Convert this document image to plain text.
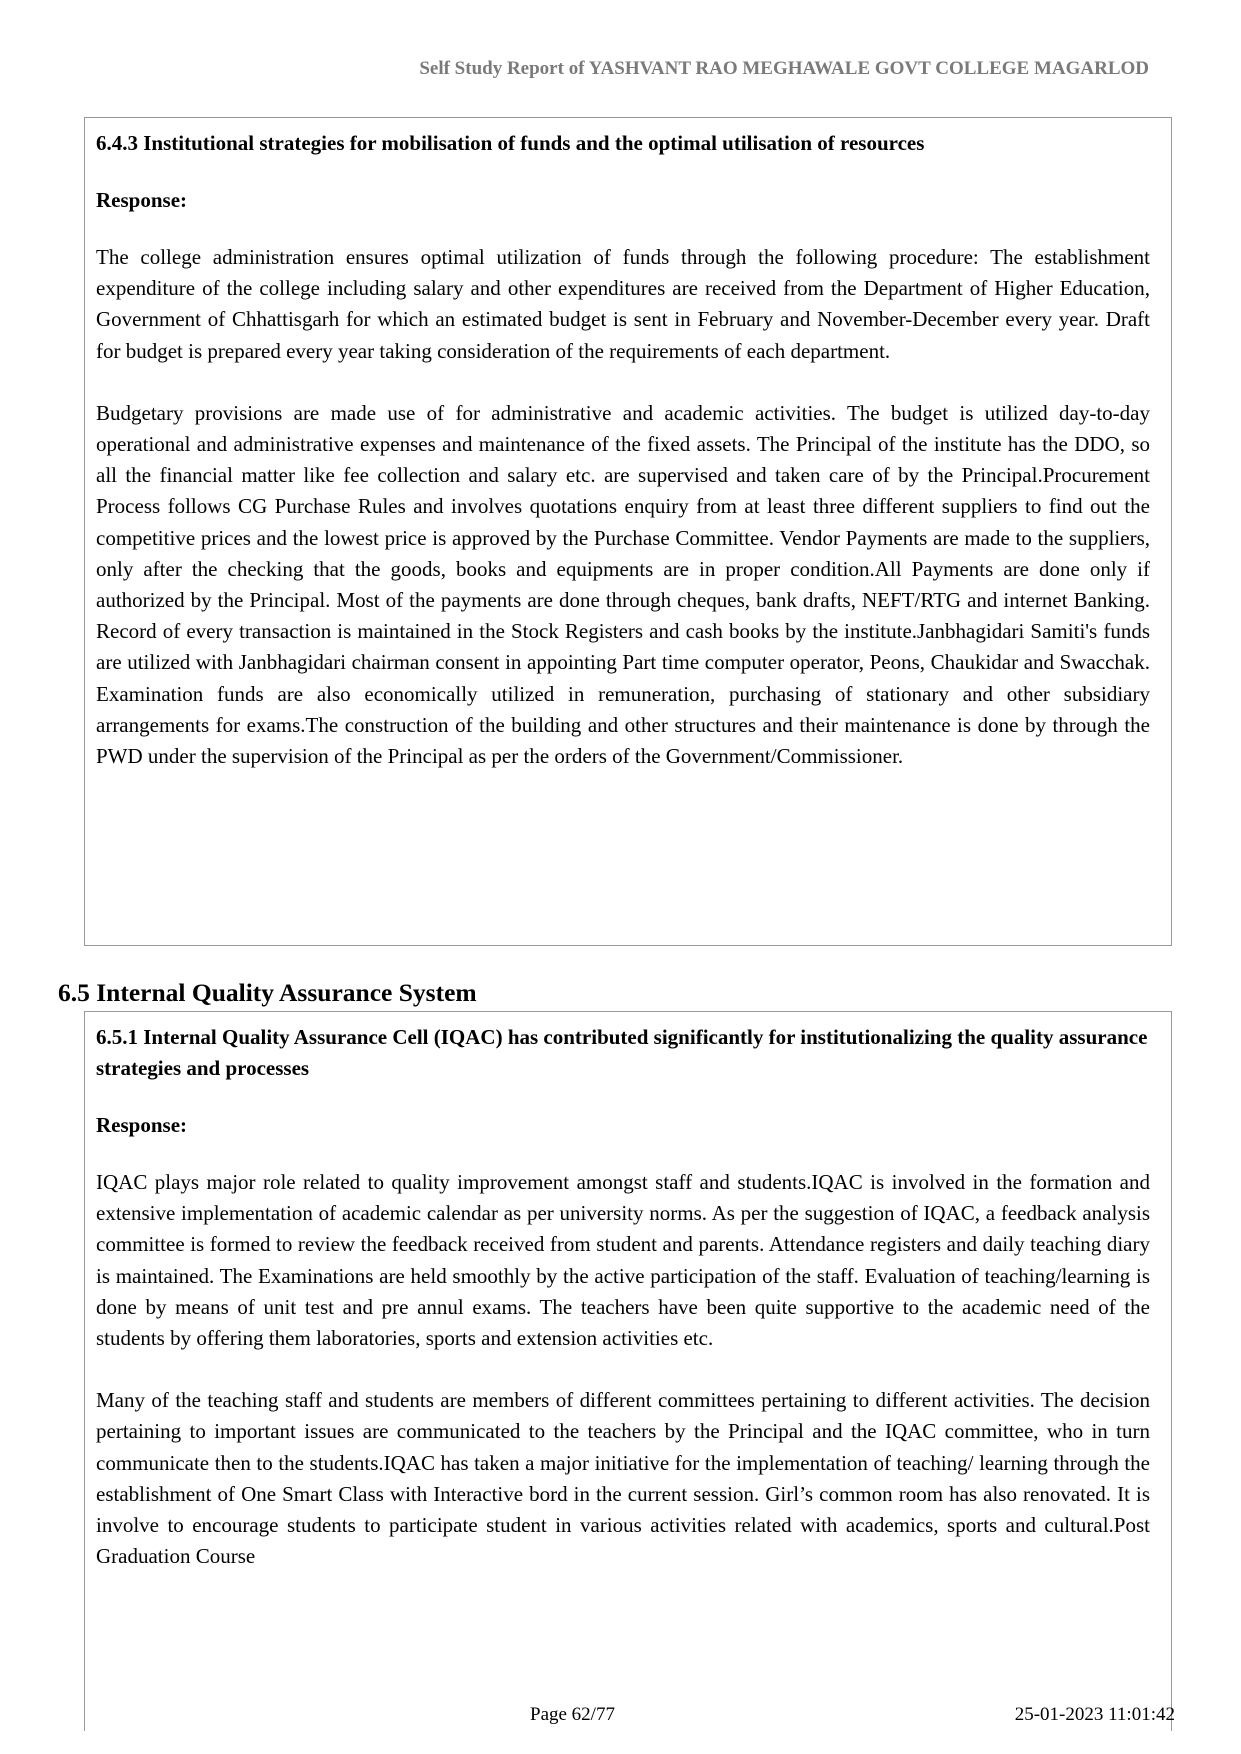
Self Study Report of YASHVANT RAO MEGHAWALE GOVT COLLEGE MAGARLOD

6.4.3 Institutional strategies for mobilisation of funds and the optimal utilisation of resources

Response:

The college administration ensures optimal utilization of funds through the following procedure: The establishment expenditure of the college including salary and other expenditures are received from the Department of Higher Education, Government of Chhattisgarh for which an estimated budget is sent in February and November-December every year. Draft for budget is prepared every year taking consideration of the requirements of each department.

Budgetary provisions are made use of for administrative and academic activities. The budget is utilized day-to-day operational and administrative expenses and maintenance of the fixed assets. The Principal of the institute has the DDO, so all the financial matter like fee collection and salary etc. are supervised and taken care of by the Principal.Procurement Process follows CG Purchase Rules and involves quotations enquiry from at least three different suppliers to find out the competitive prices and the lowest price is approved by the Purchase Committee. Vendor Payments are made to the suppliers, only after the checking that the goods, books and equipments are in proper condition.All Payments are done only if authorized by the Principal. Most of the payments are done through cheques, bank drafts, NEFT/RTG and internet Banking. Record of every transaction is maintained in the Stock Registers and cash books by the institute.Janbhagidari Samiti's funds are utilized with Janbhagidari chairman consent in appointing Part time computer operator, Peons, Chaukidar and Swacchak. Examination funds are also economically utilized in remuneration, purchasing of stationary and other subsidiary arrangements for exams.The construction of the building and other structures and their maintenance is done by through the PWD under the supervision of the Principal as per the orders of the Government/Commissioner.

6.5 Internal Quality Assurance System

6.5.1 Internal Quality Assurance Cell (IQAC) has contributed significantly for institutionalizing the quality assurance strategies and processes

Response:

IQAC plays major role related to quality improvement amongst staff and students.IQAC is involved in the formation and extensive implementation of academic calendar as per university norms. As per the suggestion of IQAC, a feedback analysis committee is formed to review the feedback received from student and parents. Attendance registers and daily teaching diary is maintained. The Examinations are held smoothly by the active participation of the staff. Evaluation of teaching/learning is done by means of unit test and pre annul exams. The teachers have been quite supportive to the academic need of the students by offering them laboratories, sports and extension activities etc.

Many of the teaching staff and students are members of different committees pertaining to different activities. The decision pertaining to important issues are communicated to the teachers by the Principal and the IQAC committee, who in turn communicate then to the students.IQAC has taken a major initiative for the implementation of teaching/ learning through the establishment of One Smart Class with Interactive bord in the current session. Girl’s common room has also renovated. It is involve to encourage students to participate student in various activities related with academics, sports and cultural.Post Graduation Course

Page 62/77	25-01-2023 11:01:42
